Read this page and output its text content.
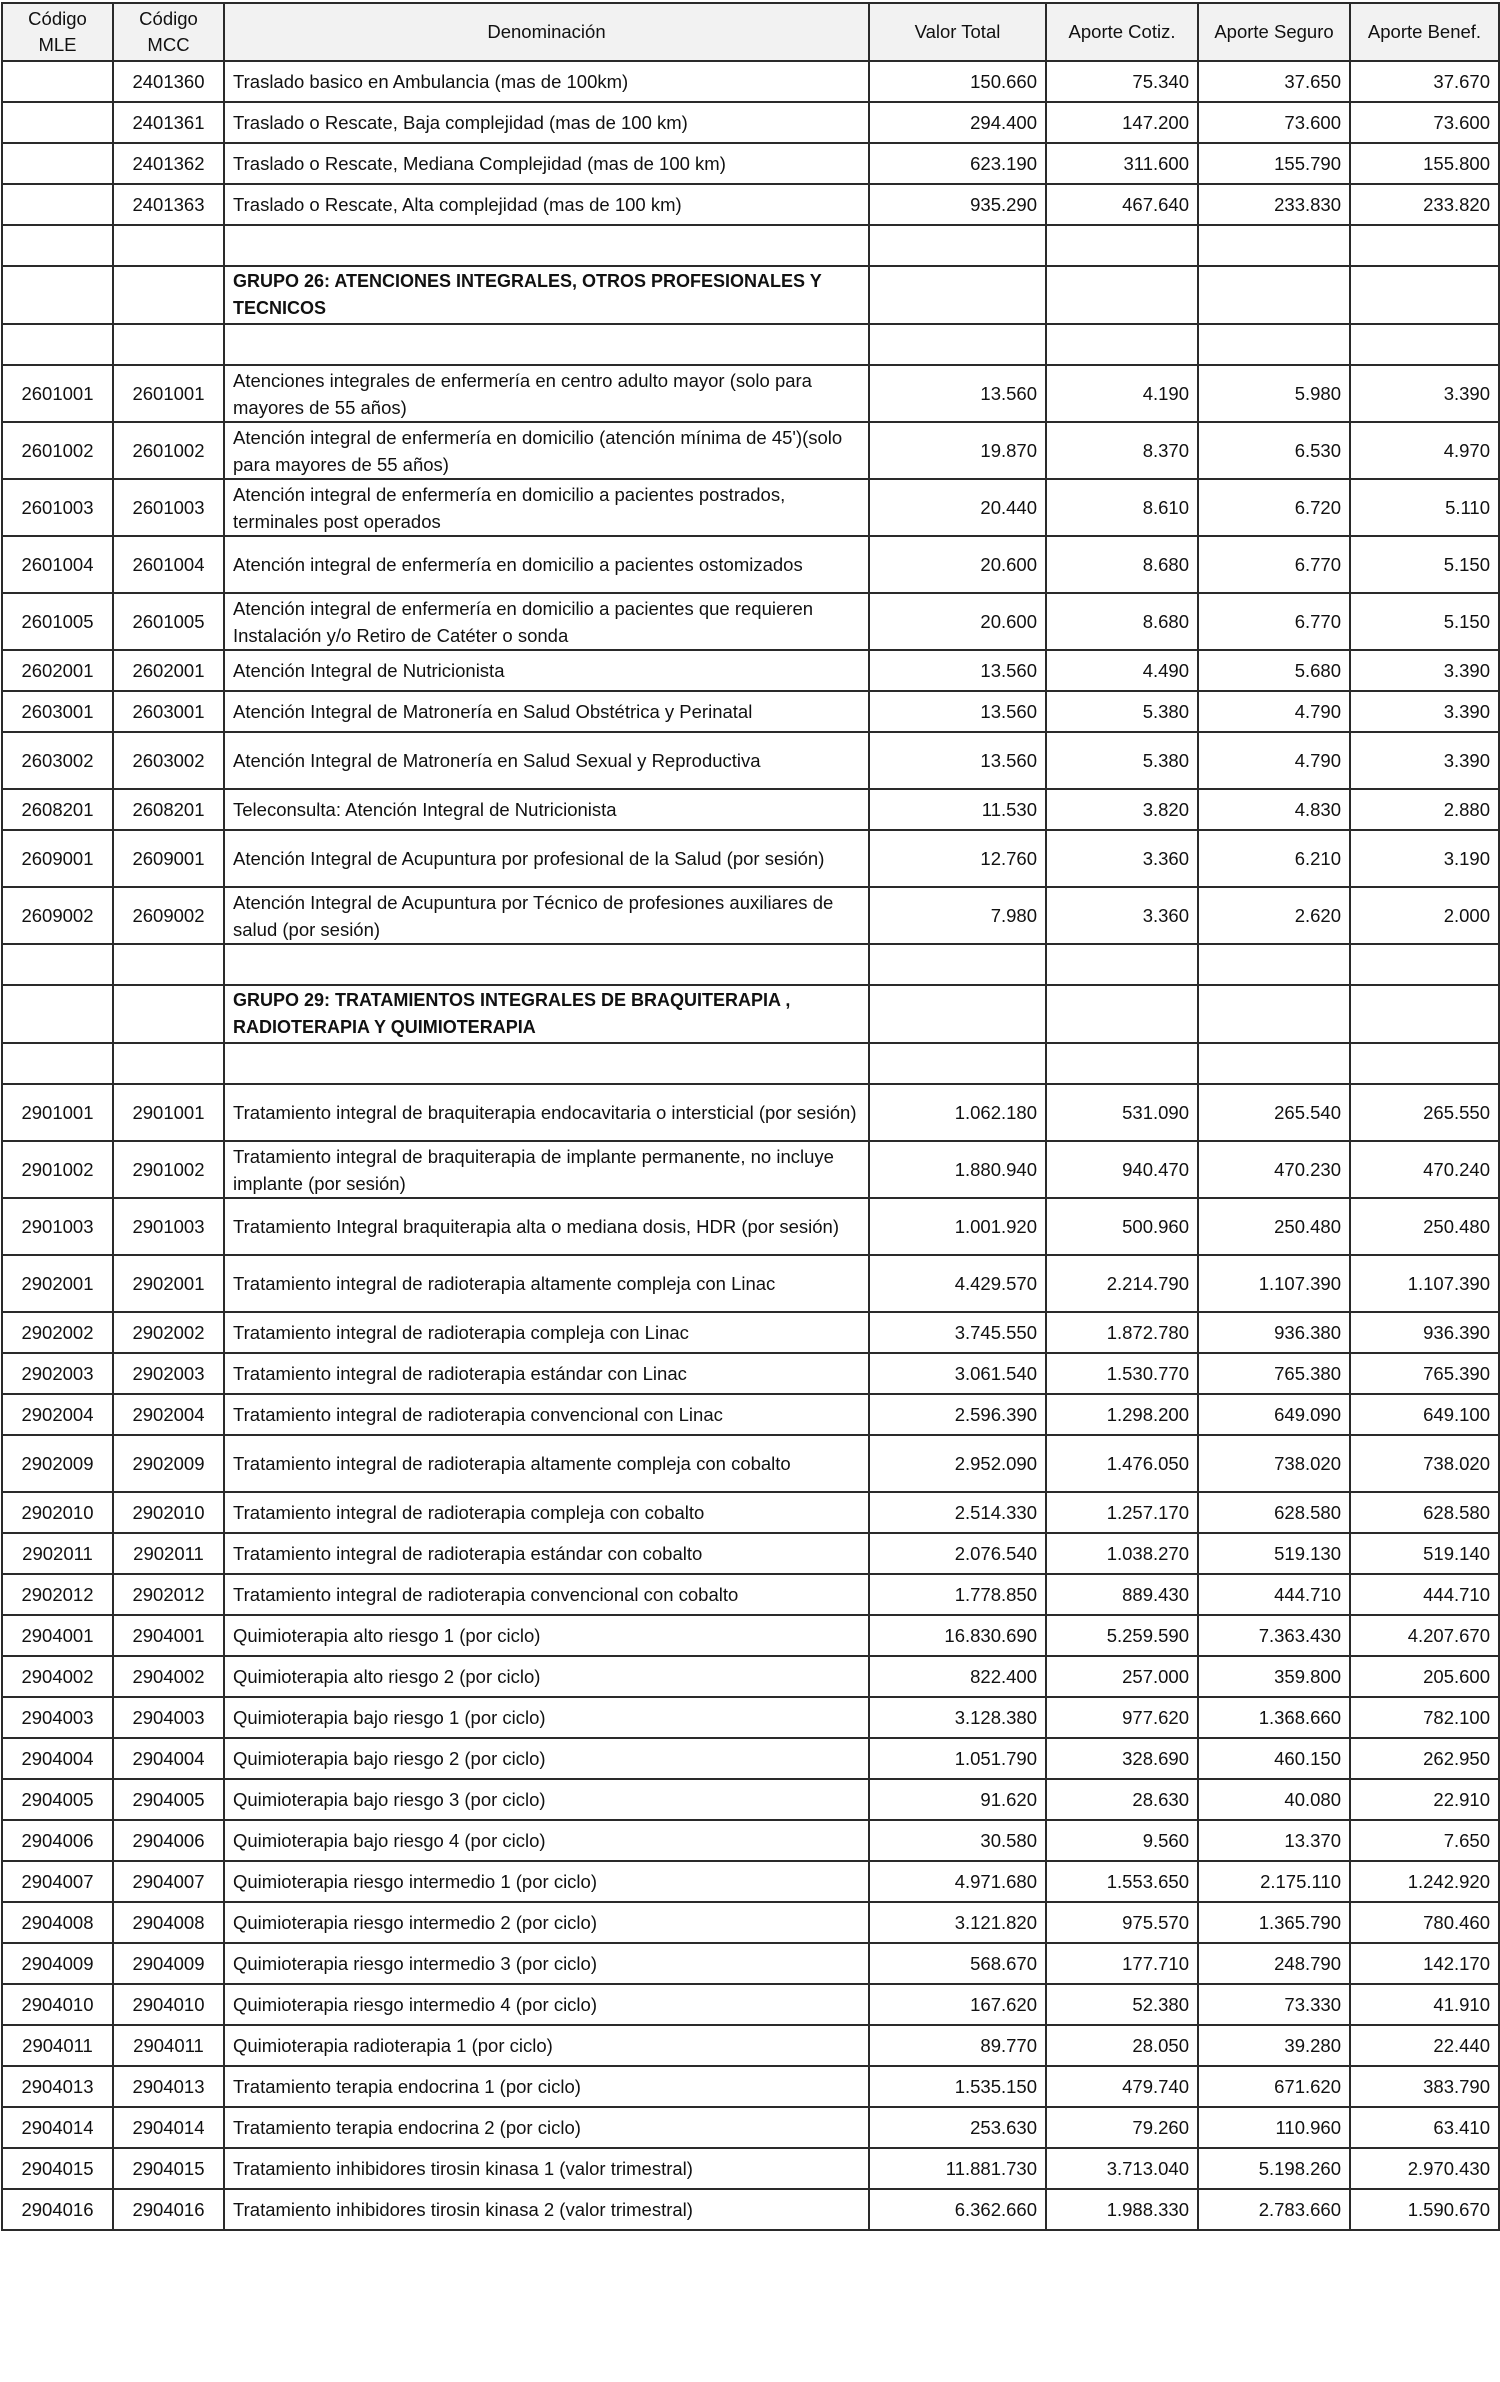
Código MLE	Código MCC	Denominación	Valor Total	Aporte Cotiz.	Aporte Seguro	Aporte Benef.
	2401360	Traslado basico en Ambulancia (mas de 100km)	150.660	75.340	37.650	37.670
	2401361	Traslado o Rescate, Baja complejidad (mas de 100 km)	294.400	147.200	73.600	73.600
	2401362	Traslado o Rescate, Mediana Complejidad (mas de 100 km)	623.190	311.600	155.790	155.800
	2401363	Traslado o Rescate, Alta complejidad (mas de 100 km)	935.290	467.640	233.830	233.820

		GRUPO 26: ATENCIONES INTEGRALES, OTROS PROFESIONALES Y TECNICOS				

2601001	2601001	Atenciones integrales de enfermería en centro adulto mayor (solo para mayores de 55 años)	13.560	4.190	5.980	3.390
2601002	2601002	Atención integral de enfermería en domicilio (atención mínima de 45')(solo para mayores de 55 años)	19.870	8.370	6.530	4.970
2601003	2601003	Atención integral de enfermería en domicilio a pacientes postrados, terminales post operados	20.440	8.610	6.720	5.110
2601004	2601004	Atención integral de enfermería en domicilio a pacientes ostomizados	20.600	8.680	6.770	5.150
2601005	2601005	Atención integral de enfermería en domicilio a pacientes que requieren Instalación y/o Retiro de Catéter o sonda	20.600	8.680	6.770	5.150
2602001	2602001	Atención Integral de Nutricionista	13.560	4.490	5.680	3.390
2603001	2603001	Atención Integral de Matronería en Salud Obstétrica y Perinatal	13.560	5.380	4.790	3.390
2603002	2603002	Atención Integral de Matronería en Salud Sexual y Reproductiva	13.560	5.380	4.790	3.390
2608201	2608201	Teleconsulta: Atención Integral de Nutricionista	11.530	3.820	4.830	2.880
2609001	2609001	Atención Integral de Acupuntura por profesional de la Salud (por sesión)	12.760	3.360	6.210	3.190
2609002	2609002	Atención Integral de Acupuntura por Técnico de profesiones auxiliares de salud (por sesión)	7.980	3.360	2.620	2.000

		GRUPO 29: TRATAMIENTOS INTEGRALES DE BRAQUITERAPIA , RADIOTERAPIA Y QUIMIOTERAPIA				

2901001	2901001	Tratamiento integral de braquiterapia endocavitaria o intersticial (por sesión)	1.062.180	531.090	265.540	265.550
2901002	2901002	Tratamiento integral de braquiterapia de implante permanente, no incluye implante (por sesión)	1.880.940	940.470	470.230	470.240
2901003	2901003	Tratamiento Integral braquiterapia alta o mediana dosis, HDR (por sesión)	1.001.920	500.960	250.480	250.480
2902001	2902001	Tratamiento integral de radioterapia altamente compleja con Linac	4.429.570	2.214.790	1.107.390	1.107.390
2902002	2902002	Tratamiento integral de radioterapia compleja con Linac	3.745.550	1.872.780	936.380	936.390
2902003	2902003	Tratamiento integral de radioterapia estándar con Linac	3.061.540	1.530.770	765.380	765.390
2902004	2902004	Tratamiento integral de radioterapia convencional con Linac	2.596.390	1.298.200	649.090	649.100
2902009	2902009	Tratamiento integral de radioterapia altamente compleja con cobalto	2.952.090	1.476.050	738.020	738.020
2902010	2902010	Tratamiento integral de radioterapia compleja con cobalto	2.514.330	1.257.170	628.580	628.580
2902011	2902011	Tratamiento integral de radioterapia estándar con cobalto	2.076.540	1.038.270	519.130	519.140
2902012	2902012	Tratamiento integral de radioterapia convencional con cobalto	1.778.850	889.430	444.710	444.710
2904001	2904001	Quimioterapia alto riesgo 1 (por ciclo)	16.830.690	5.259.590	7.363.430	4.207.670
2904002	2904002	Quimioterapia alto riesgo 2 (por ciclo)	822.400	257.000	359.800	205.600
2904003	2904003	Quimioterapia bajo riesgo 1 (por ciclo)	3.128.380	977.620	1.368.660	782.100
2904004	2904004	Quimioterapia bajo riesgo 2 (por ciclo)	1.051.790	328.690	460.150	262.950
2904005	2904005	Quimioterapia bajo riesgo 3 (por ciclo)	91.620	28.630	40.080	22.910
2904006	2904006	Quimioterapia bajo riesgo 4 (por ciclo)	30.580	9.560	13.370	7.650
2904007	2904007	Quimioterapia riesgo intermedio 1 (por ciclo)	4.971.680	1.553.650	2.175.110	1.242.920
2904008	2904008	Quimioterapia riesgo intermedio 2 (por ciclo)	3.121.820	975.570	1.365.790	780.460
2904009	2904009	Quimioterapia riesgo intermedio 3 (por ciclo)	568.670	177.710	248.790	142.170
2904010	2904010	Quimioterapia riesgo intermedio 4 (por ciclo)	167.620	52.380	73.330	41.910
2904011	2904011	Quimioterapia radioterapia 1 (por ciclo)	89.770	28.050	39.280	22.440
2904013	2904013	Tratamiento terapia endocrina 1 (por ciclo)	1.535.150	479.740	671.620	383.790
2904014	2904014	Tratamiento terapia endocrina 2 (por ciclo)	253.630	79.260	110.960	63.410
2904015	2904015	Tratamiento inhibidores tirosin kinasa 1 (valor trimestral)	11.881.730	3.713.040	5.198.260	2.970.430
2904016	2904016	Tratamiento inhibidores tirosin kinasa 2 (valor trimestral)	6.362.660	1.988.330	2.783.660	1.590.670
